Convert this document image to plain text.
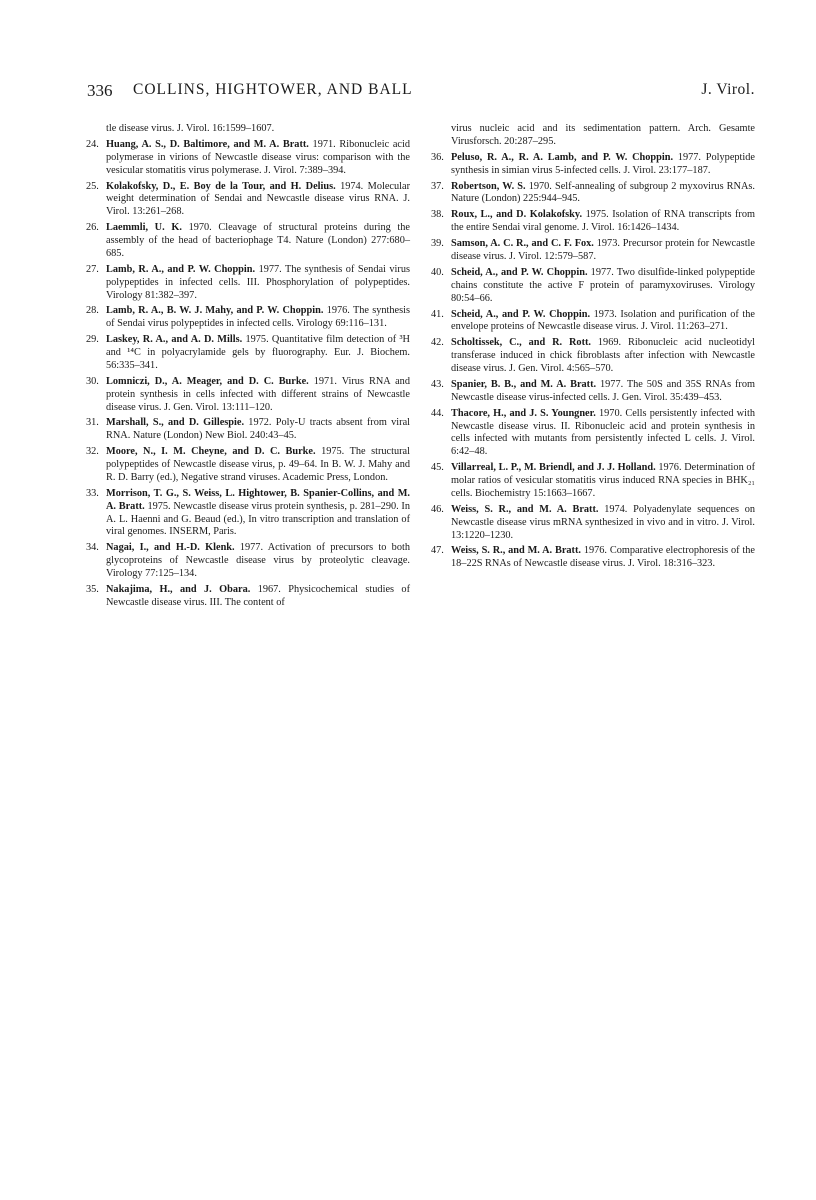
336 COLLINS, HIGHTOWER, AND BALL	J. Virol.

tle disease virus. J. Virol. 16:1599–1607.

24. Huang, A. S., D. Baltimore, and M. A. Bratt. 1971. Ribonucleic acid polymerase in virions of Newcastle disease virus: comparison with the vesicular stomatitis virus polymerase. J. Virol. 7:389–394.

25. Kolakofsky, D., E. Boy de la Tour, and H. Delius. 1974. Molecular weight determination of Sendai and Newcastle disease virus RNA. J. Virol. 13:261–268.

26. Laemmli, U. K. 1970. Cleavage of structural proteins during the assembly of the head of bacteriophage T4. Nature (London) 277:680–685.

27. Lamb, R. A., and P. W. Choppin. 1977. The synthesis of Sendai virus polypeptides in infected cells. III. Phosphorylation of polypeptides. Virology 81:382–397.

28. Lamb, R. A., B. W. J. Mahy, and P. W. Choppin. 1976. The synthesis of Sendai virus polypeptides in infected cells. Virology 69:116–131.

29. Laskey, R. A., and A. D. Mills. 1975. Quantitative film detection of ³H and ¹⁴C in polyacrylamide gels by fluorography. Eur. J. Biochem. 56:335–341.

30. Lomniczi, D., A. Meager, and D. C. Burke. 1971. Virus RNA and protein synthesis in cells infected with different strains of Newcastle disease virus. J. Gen. Virol. 13:111–120.

31. Marshall, S., and D. Gillespie. 1972. Poly-U tracts absent from viral RNA. Nature (London) New Biol. 240:43–45.

32. Moore, N., I. M. Cheyne, and D. C. Burke. 1975. The structural polypeptides of Newcastle disease virus, p. 49–64. In B. W. J. Mahy and R. D. Barry (ed.), Negative strand viruses. Academic Press, London.

33. Morrison, T. G., S. Weiss, L. Hightower, B. Spanier-Collins, and M. A. Bratt. 1975. Newcastle disease virus protein synthesis, p. 281–290. In A. L. Haenni and G. Beaud (ed.), In vitro transcription and translation of viral genomes. INSERM, Paris.

34. Nagai, I., and H.-D. Klenk. 1977. Activation of precursors to both glycoproteins of Newcastle disease virus by proteolytic cleavage. Virology 77:125–134.

35. Nakajima, H., and J. Obara. 1967. Physicochemical studies of Newcastle disease virus. III. The content of

virus nucleic acid and its sedimentation pattern. Arch. Gesamte Virusforsch. 20:287–295.

36. Peluso, R. A., R. A. Lamb, and P. W. Choppin. 1977. Polypeptide synthesis in simian virus 5-infected cells. J. Virol. 23:177–187.

37. Robertson, W. S. 1970. Self-annealing of subgroup 2 myxovirus RNAs. Nature (London) 225:944–945.

38. Roux, L., and D. Kolakofsky. 1975. Isolation of RNA transcripts from the entire Sendai viral genome. J. Virol. 16:1426–1434.

39. Samson, A. C. R., and C. F. Fox. 1973. Precursor protein for Newcastle disease virus. J. Virol. 12:579–587.

40. Scheid, A., and P. W. Choppin. 1977. Two disulfide-linked polypeptide chains constitute the active F protein of paramyxoviruses. Virology 80:54–66.

41. Scheid, A., and P. W. Choppin. 1973. Isolation and purification of the envelope proteins of Newcastle disease virus. J. Virol. 11:263–271.

42. Scholtissek, C., and R. Rott. 1969. Ribonucleic acid nucleotidyl transferase induced in chick fibroblasts after infection with Newcastle disease virus. J. Gen. Virol. 4:565–570.

43. Spanier, B. B., and M. A. Bratt. 1977. The 50S and 35S RNAs from Newcastle disease virus-infected cells. J. Gen. Virol. 35:439–453.

44. Thacore, H., and J. S. Youngner. 1970. Cells persistently infected with Newcastle disease virus. II. Ribonucleic acid and protein synthesis in cells infected with mutants from persistently infected L cells. J. Virol. 6:42–48.

45. Villarreal, L. P., M. Briendl, and J. J. Holland. 1976. Determination of molar ratios of vesicular stomatitis virus induced RNA species in BHK₂₁ cells. Biochemistry 15:1663–1667.

46. Weiss, S. R., and M. A. Bratt. 1974. Polyadenylate sequences on Newcastle disease virus mRNA synthesized in vivo and in vitro. J. Virol. 13:1220–1230.

47. Weiss, S. R., and M. A. Bratt. 1976. Comparative electrophoresis of the 18–22S RNAs of Newcastle disease virus. J. Virol. 18:316–323.
